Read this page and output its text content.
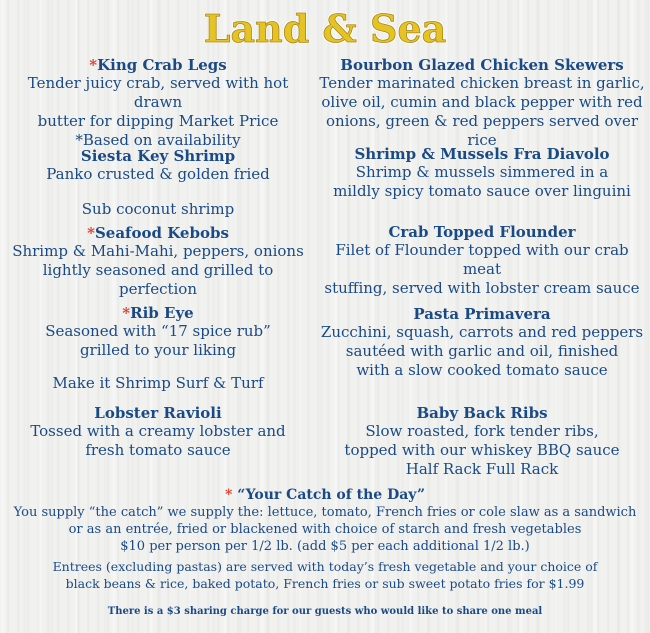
Land & Sea
*King Crab Legs
Tender juicy crab, served with hot drawn
butter for dipping Market Price
*Based on availability
Siesta Key Shrimp
Panko crusted & golden fried
Sub coconut shrimp
*Seafood Kebobs
Shrimp & Mahi-Mahi, peppers, onions
lightly seasoned and grilled to perfection
*Rib Eye
Seasoned with “17 spice rub”
grilled to your liking
Make it Shrimp Surf & Turf
Lobster Ravioli
Tossed with a creamy lobster and
fresh tomato sauce
Bourbon Glazed Chicken Skewers
Tender marinated chicken breast in garlic,
olive oil, cumin and black pepper with red
onions, green & red peppers served over rice
Shrimp & Mussels Fra Diavolo
Shrimp & mussels simmered in a
mildly spicy tomato sauce over linguini
Crab Topped Flounder
Filet of Flounder topped with our crab meat
stuffing, served with lobster cream sauce
Pasta Primavera
Zucchini, squash, carrots and red peppers
sautéed with garlic and oil, finished
with a slow cooked tomato sauce
Baby Back Ribs
Slow roasted, fork tender ribs,
topped with our whiskey BBQ sauce
Half Rack Full Rack
* “Your Catch of the Day”
You supply “the catch” we supply the: lettuce, tomato, French fries or cole slaw as a sandwich
or as an entrée, fried or blackened with choice of starch and fresh vegetables
$10 per person per 1/2 lb. (add $5 per each additional 1/2 lb.)
Entrees (excluding pastas) are served with today’s fresh vegetable and your choice of
black beans & rice, baked potato, French fries or sub sweet potato fries for $1.99
There is a $3 sharing charge for our guests who would like to share one meal
